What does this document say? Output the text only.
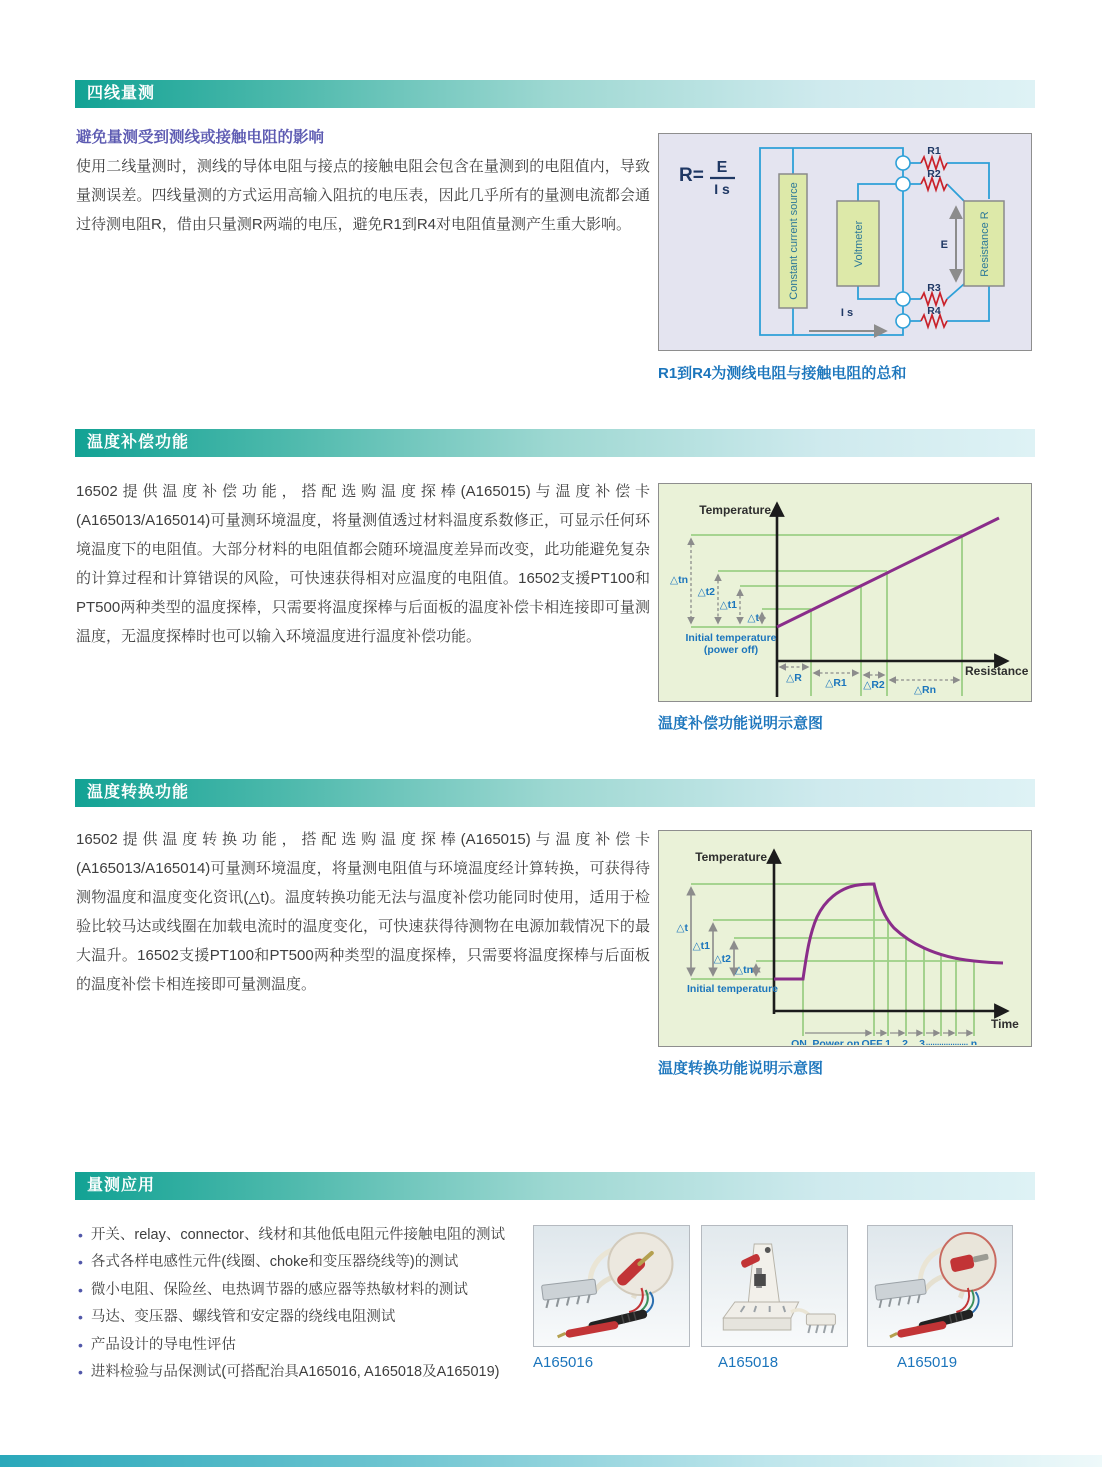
四线量测
避免量测受到测线或接触电阻的影响
使用二线量测时，测线的导体电阻与接点的接触电阻会包含在量测到的电阻值内，导致量测误差。四线量测的方式运用高输入阻抗的电压表，因此几乎所有的量测电流都会通过待测电阻R，借由只量测R两端的电压，避免R1到R4对电阻值量测产生重大影响。
R= E
I s
R1
R2
R3
R4
E
I s
Constant current source	Voltmeter	Resistance R
R1到R4为测线电阻与接触电阻的总和
温度补偿功能
16502提供温度补偿功能，搭配选购温度探棒(A165015)与温度补偿卡(A165013/A165014)可量测环境温度，将量测值透过材料温度系数修正，可显示任何环境温度下的电阻值。大部分材料的电阻值都会随环境温度差异而改变，此功能避免复杂的计算过程和计算错误的风险，可快速获得相对应温度的电阻值。16502支援PT100和PT500两种类型的温度探棒，只需要将温度探棒与后面板的温度补偿卡相连接即可量测温度，无温度探棒时也可以输入环境温度进行温度补偿功能。
△tn
△t2
△t1
△t
△R △R1 △R2	△Rn
Initial temperature
(power off)
Temperature
Resistance
温度补偿功能说明示意图
温度转换功能
16502提供温度转换功能，搭配选购温度探棒(A165015)与温度补偿卡(A165013/A165014)可量测环境温度，将量测电阻值与环境温度经计算转换，可获得待测物温度和温度变化资讯(△t)。温度转换功能无法与温度补偿功能同时使用，适用于检验比较马达或线圈在加载电流时的温度变化，可快速获得待测物在电源加载情况下的最大温升。16502支援PT100和PT500两种类型的温度探棒，只需要将温度探棒与后面板的温度补偿卡相连接即可量测温度。
△t
△t1
△t2
△tn
Initial temperature
ON Power on OFF 1 2 3 ................... n
Temperature
Time
温度转换功能说明示意图
量测应用
• 开关、relay、connector、线材和其他低电阻元件接触电阻的测试
• 各式各样电感性元件(线圈、choke和变压器绕线等)的测试
• 微小电阻、保险丝、电热调节器的感应器等热敏材料的测试
• 马达、变压器、螺线管和安定器的绕线电阻测试
• 产品设计的导电性评估
• 进料检验与品保测试(可搭配治具A165016, A165018及A165019)
A165016	A165018	A165019
